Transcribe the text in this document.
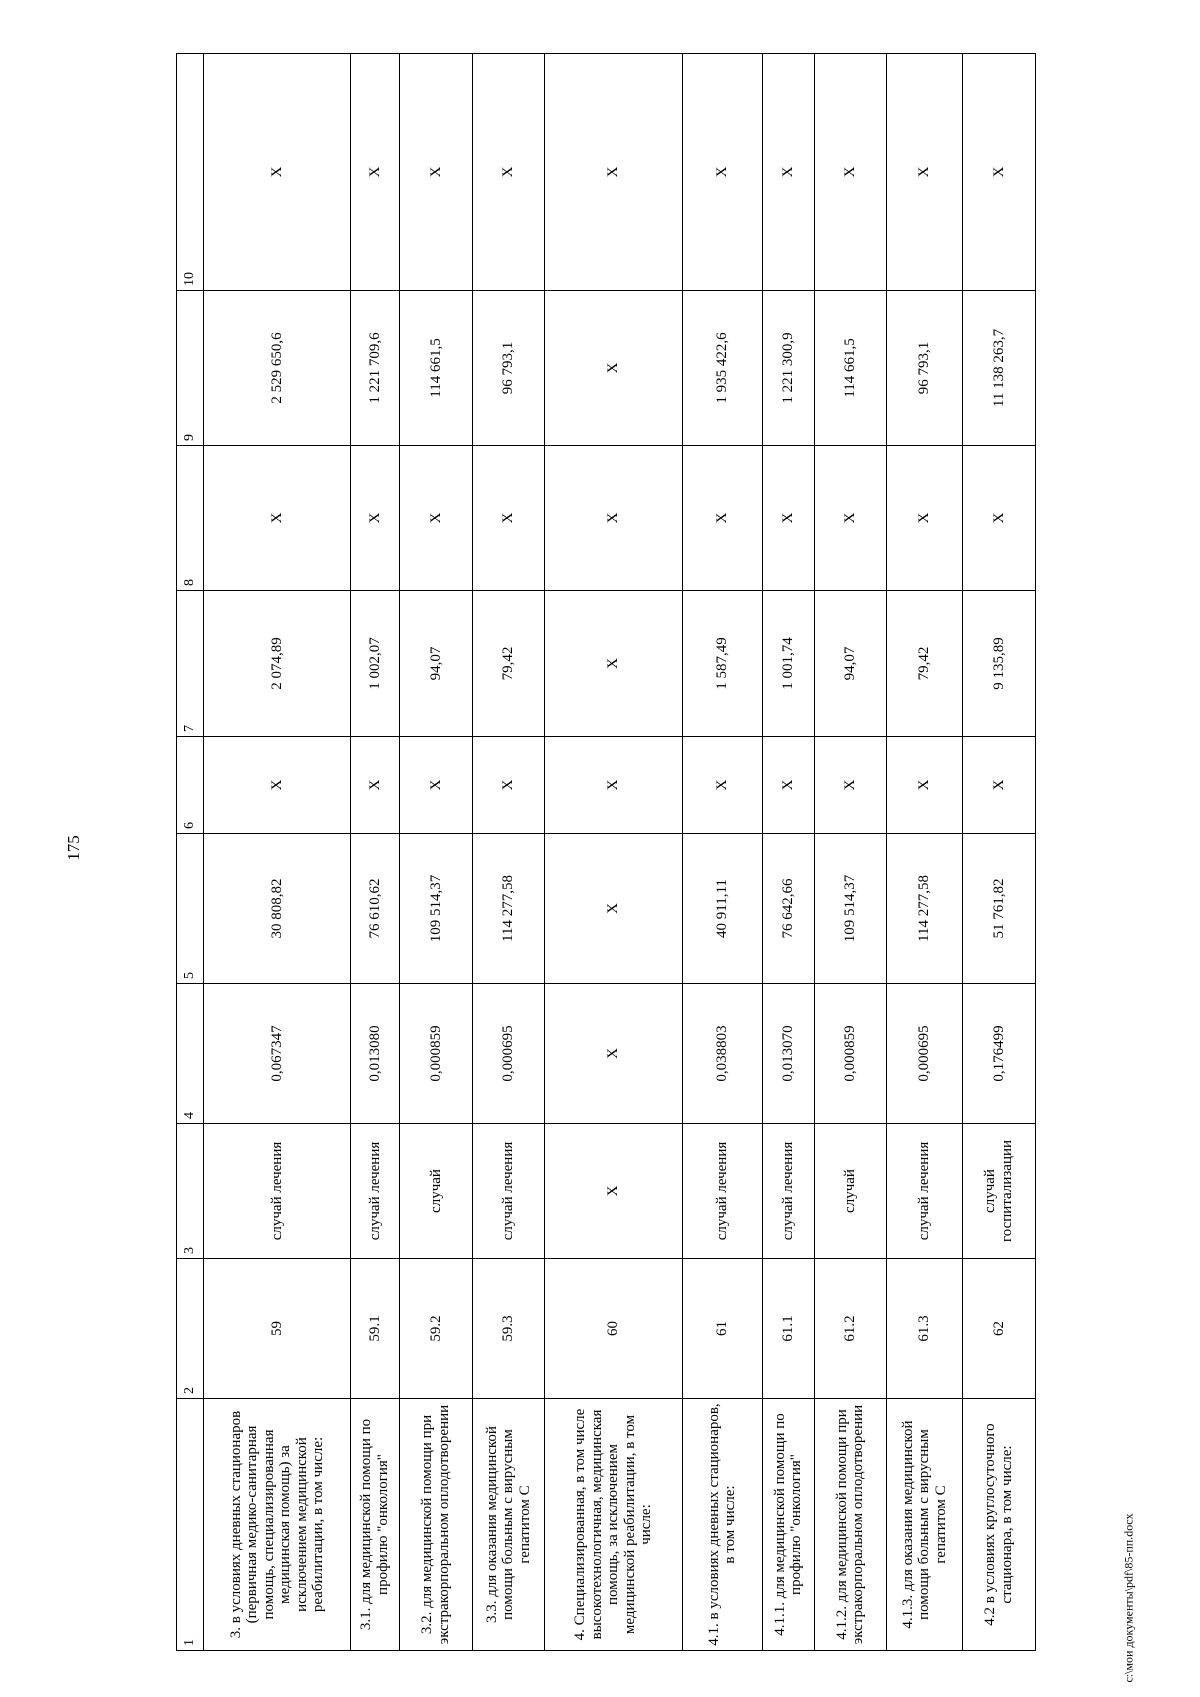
175
c:\мои документы\pdf\85-пп.docx
1	2	3	4	5	6	7	8	9	10
3. в условиях дневных стационаров (первичная медико-санитарная помощь, специализированная медицинская помощь) за исключением медицинской реабилитации, в том числе:	59	случай лечения	0,067347	30 808,82	X	2 074,89	X	2 529 650,6	X
3.1. для медицинской помощи по профилю "онкология"	59.1	случай лечения	0,013080	76 610,62	X	1 002,07	X	1 221 709,6	X
3.2. для медицинской помощи при экстракорпоральном оплодотворении	59.2	случай	0,000859	109 514,37	X	94,07	X	114 661,5	X
3.3. для оказания медицинской помощи больным с вирусным гепатитом С	59.3	случай лечения	0,000695	114 277,58	X	79,42	X	96 793,1	X
4. Специализированная, в том числе высокотехнологичная, медицинская помощь, за исключением медицинской реабилитации, в том числе:	60	X	X	X	X	X	X	X	X
4.1. в условиях дневных стационаров, в том числе:	61	случай лечения	0,038803	40 911,11	X	1 587,49	X	1 935 422,6	X
4.1.1. для медицинской помощи по профилю "онкология"	61.1	случай лечения	0,013070	76 642,66	X	1 001,74	X	1 221 300,9	X
4.1.2. для медицинской помощи при экстракорпоральном оплодотворении	61.2	случай	0,000859	109 514,37	X	94,07	X	114 661,5	X
4.1.3. для оказания медицинской помощи больным с вирусным гепатитом С	61.3	случай лечения	0,000695	114 277,58	X	79,42	X	96 793,1	X
4.2 в условиях круглосуточного стационара, в том числе:	62	случай госпитализации	0,176499	51 761,82	X	9 135,89	X	11 138 263,7	X
